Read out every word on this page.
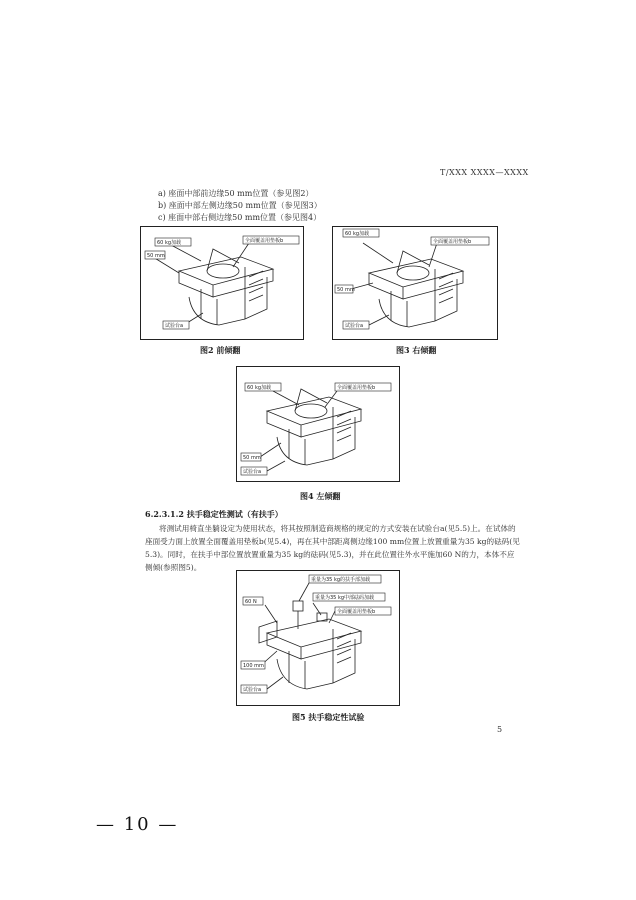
T/XXX XXXX—XXXX
a) 座面中部前边缘50 mm位置（参见图2）
b) 座面中部左侧边缘50 mm位置（参见图3）
c) 座面中部右侧边缘50 mm位置（参见图4）
60 kg加载	全面覆盖用垫板b
50 mm
试验台a
图2 前倾翻
60 kg加载
全面覆盖用垫板b
50 mm
试验台a
图3 右倾翻
60 kg加载	全面覆盖用垫板b
50 mm
试验台a
图4 左倾翻
6.2.3.1.2 扶手稳定性测试（有扶手）
将测试用椅直坐躺设定为使用状态，将其按照制造商规格的规定的方式安装在试验台a(见5.5)上。在试体的座面受力面上放置全面覆盖用垫板b(见5.4)，再在其中部距离侧边缘100 mm位置上放置重量为35 kg的砝码(见5.3)。同时，在扶手中部位置放置重量为35 kg的砝码(见5.3)，并在此位置往外水平施加60 N的力，本体不应侧倾(参照图5)。
重量为35 kg的扶手部加载
60 N
重量为35 kg中部砝码加载
全面覆盖用垫板b
100 mm
试验台a
图5 扶手稳定性试验
5
— 10 —
